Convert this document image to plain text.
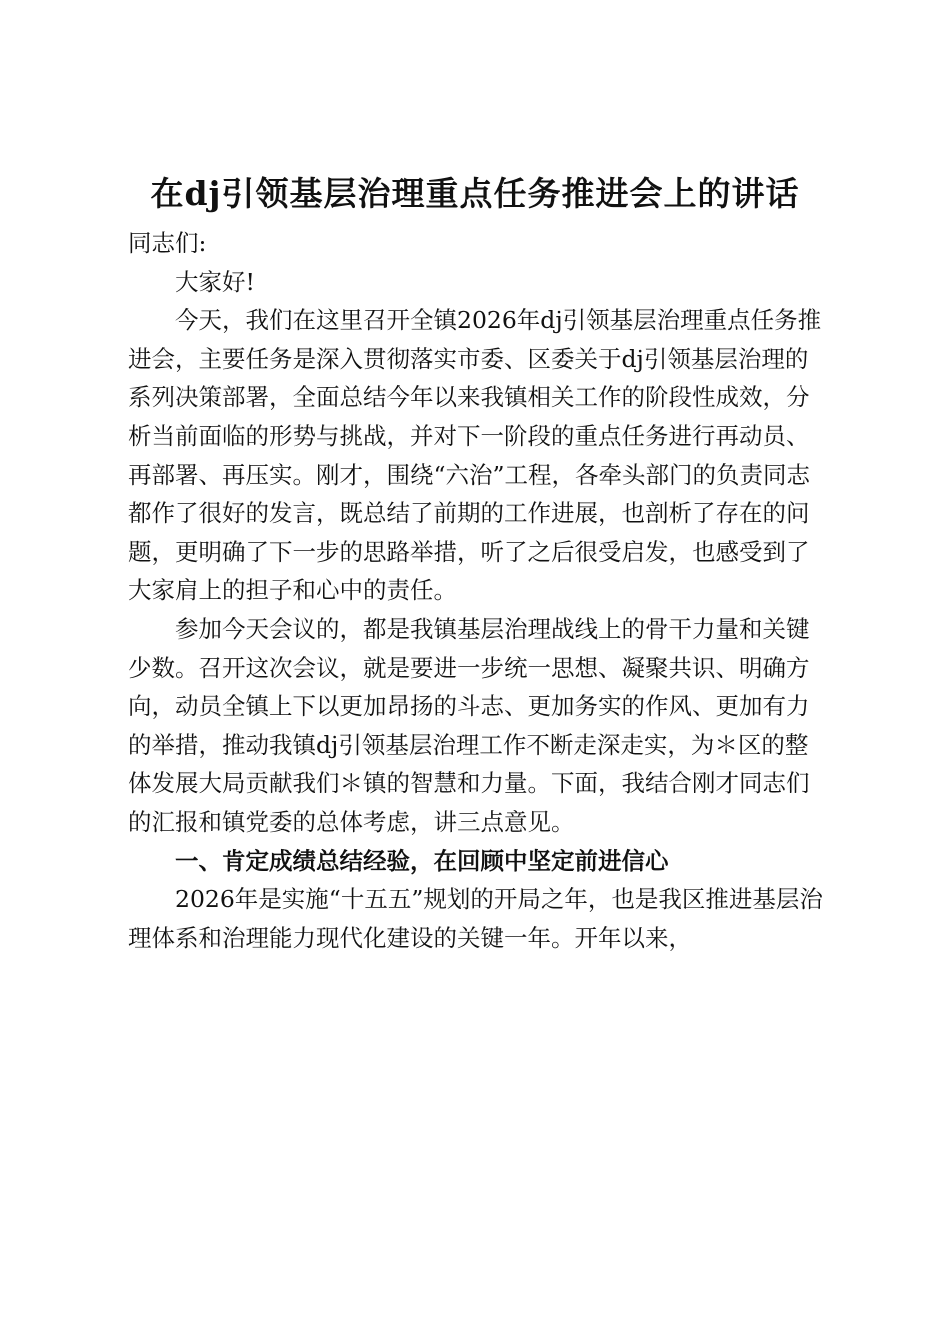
在dj引领基层治理重点任务推进会上的讲话

同志们:

大家好!

今天，我们在这里召开全镇2026年dj引领基层治理重点任务推进会，主要任务是深入贯彻落实市委、区委关于dj引领基层治理的系列决策部署，全面总结今年以来我镇相关工作的阶段性成效，分析当前面临的形势与挑战，并对下一阶段的重点任务进行再动员、再部署、再压实。刚才，围绕“六治”工程，各牵头部门的负责同志都作了很好的发言，既总结了前期的工作进展，也剖析了存在的问题，更明确了下一步的思路举措，听了之后很受启发，也感受到了大家肩上的担子和心中的责任。

参加今天会议的，都是我镇基层治理战线上的骨干力量和关键少数。召开这次会议，就是要进一步统一思想、凝聚共识、明确方向，动员全镇上下以更加昂扬的斗志、更加务实的作风、更加有力的举措，推动我镇dj引领基层治理工作不断走深走实，为＊区的整体发展大局贡献我们＊镇的智慧和力量。下面，我结合刚才同志们的汇报和镇党委的总体考虑，讲三点意见。

一、肯定成绩总结经验，在回顾中坚定前进信心

2026年是实施“十五五”规划的开局之年，也是我区推进基层治理体系和治理能力现代化建设的关键一年。开年以来，
